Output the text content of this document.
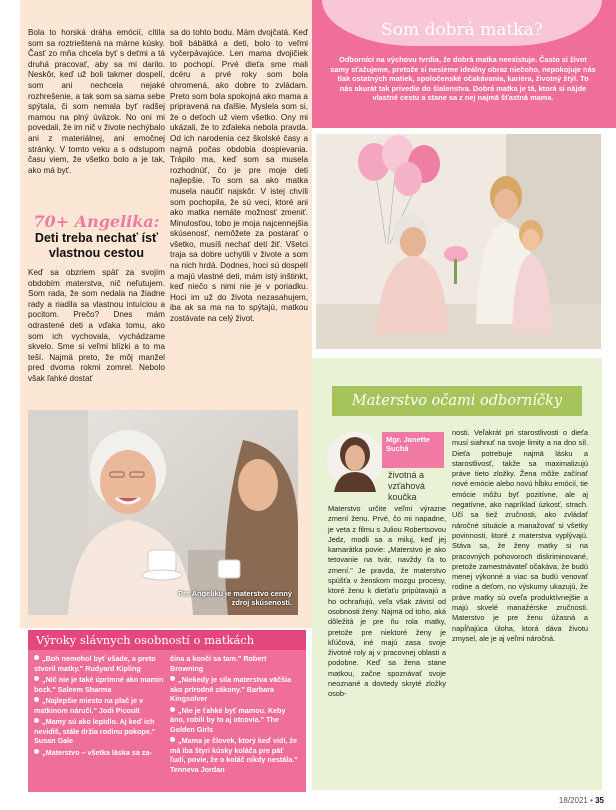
Bola to horská dráha emócií, cítila som sa roztrieštená na márne kúsky. Časť zo mňa chcela byť s deťmi a tá druhá pracovať, aby sa mi darilo. Neskôr, keď už boli takmer dospelí, som ani nechcela nejaké rozhrešenie, a tak som sa sama sebe spýtala, či som nemala byť radšej mamou na plný úväzok. No oni mi povedali, že im nič v živote nechýbalo ani z materiálnej, ani emočnej stránky. V tomto veku a s odstupom času viem, že všetko bolo a je tak, ako má byť.

70+ Angelika:
Deti treba nechať ísť vlastnou cestou

Keď sa obzriem späť za svojím obdobím materstva, nič neľutujem. Som rada, že som nedala na žiadne rady a riadila sa vlastnou intuíciou a pocitom. Prečo? Dnes mám odrastené deti a vďaka tomu, ako som ich vychovala, vychádzame skvelo. Sme si veľmi blízki a to ma teší. Najmä preto, že môj manžel pred dvoma rokmi zomrel. Nebolo však ľahké dostať

sa do tohto bodu. Mám dvojčatá. Keď boli bábätká a deti, bolo to veľmi vyčerpávajúce. Len mama dvojičiek to pochopí. Prvé dieťa sme mali dcéru a prvé roky som bola ohromená, ako dobre to zvládam. Preto som bola spokojná ako mama a pripravená na ďalšie. Myslela som si, že o deťoch už viem všetko. Ony mi ukázali, že to zďaleka nebola pravda. Od ich narodenia cez školské časy a najmä počas obdobia dospievania. Trápilo ma, keď som sa musela rozhodnúť, čo je pre moje deti najlepšie. To som sa ako matka musela naučiť najskôr. V istej chvíli som pochopila, že sú veci, ktoré ani ako matka nemáte možnosť zmeniť. Minulosťou, tobo je moja najcennejšia skúsenosť, nemôžete za postarať o všetko, musíš nechať deti žiť. Všetci traja sa dobre uchytili v živote a som na nich hrdá. Dodnes, hoci sú dospelí a majú vlastné deti, mám istý inštinkt, keď niečo s nimi nie je v poriadku. Hoci im už do života nezasahujem, iba ak sa ma na to spýtajú, matkou zostávate na celý život.

Pre Angeliku je materstvo cenný zdroj skúseností.
Som dobrá matka?
Odborníci na výchovu tvrdia, že dobrá matka neexistuje. Často si život samy sťažujeme, pretože si nesieme ideálny obraz niečoho, nepokojuje nás tlak ostatných matiek, spoločenské očakávania, kariéra, životný štýl. To nás akurát tak privedie do šialenstva. Dobrá matka je tá, ktorá si nájde vlastné cestu a stane sa z nej najmä šťastná mama.
Materstvo očami odborníčky
Mgr. Janette
Suchá
životná a vzťahová koučka
Materstvo určite veľmi výrazne zmení ženu. Prvé, čo mi napadne, je veta z filmu s Juliou Robertsovou Jedz, modli sa a miluj, keď jej kamarátka povie: „Materstvo je ako tetovanie na tvár, navždy ťa to zmení." Je pravda, že materstvo spúšťa v ženskom mozgu procesy, ktoré ženu k dieťaťu pripútavajú a ho ochraňujú, veľa však závisí od osobnosti ženy. Najmä od toho, aká dôležitá je pre ňu rola matky, pretože pre niektoré ženy je kľúčová, iné majú zasa svoje životné roly aj v pracovnej oblasti a podobne. Keď sa žena stane matkou, začne spoznávať svoje neoznané a dovtedy skryté zložky osob-
nosti. Veľakrát pri starostlivosti o dieťa musí siahnuť na svoje limity a na dno síl. Dieťa potrebuje najmä lásku a starostlivosť, takže sa maximalizujú práve tieto zložky. Žena môže začínať nové emócie alebo novú hĺbku emócií, tie emócie môžu byť pozitívne, ale aj negatívne, ako napríklad úzkosť, strach. Učí sa tiež zručnosti, ako zvládať náročné situácie a manažovať si všetky povinnosti, ktoré z materstva vyplývajú. Stáva sa, že ženy matky si na pracovných pohovoroch diskriminované, pretože zamestnávateľ očakáva, že budú menej výkonné a viac sa budú venovať rodine a deťom, no výskumy ukazujú, že práve matky sú oveľa produktívnejšie a majú skvelé manažérske zručnosti. Materstvo je pre ženu úžasná a napĺňajúca úloha, ktorá dáva životu zmysel, ale je aj veľmi náročná.
Výroky slávnych osobností o matkách
„Boh nemohol byť všade, a preto stvoril matky." Rudyard Kipling
„Nič nie je také úprimné ako mamin bozk." Saleem Sharma
„Najlepšie miesto na plač je v matkinom náručí." Jodi Picoult
„Mamy sú ako lepidlo. Aj keď ich nevidíš, stále držia rodinu pokope." Susan Gale
„Materstvo – všetka láska sa za-
čína a končí sa tam." Robert Browning
„Niekedy je sila materstva väčšia ako prírodné zákony." Barbara Kingsolver
„Nie je ťahké byť mamou. Keby áno, robili by to aj otcovia." The Golden Girls
„Mama je človek, ktorý keď vidí, že má iba štyri kúsky koláča pre päť ľudí, povie, že o koláč nikdy nestála." Tenneva Jordan
18/2021 • 35
